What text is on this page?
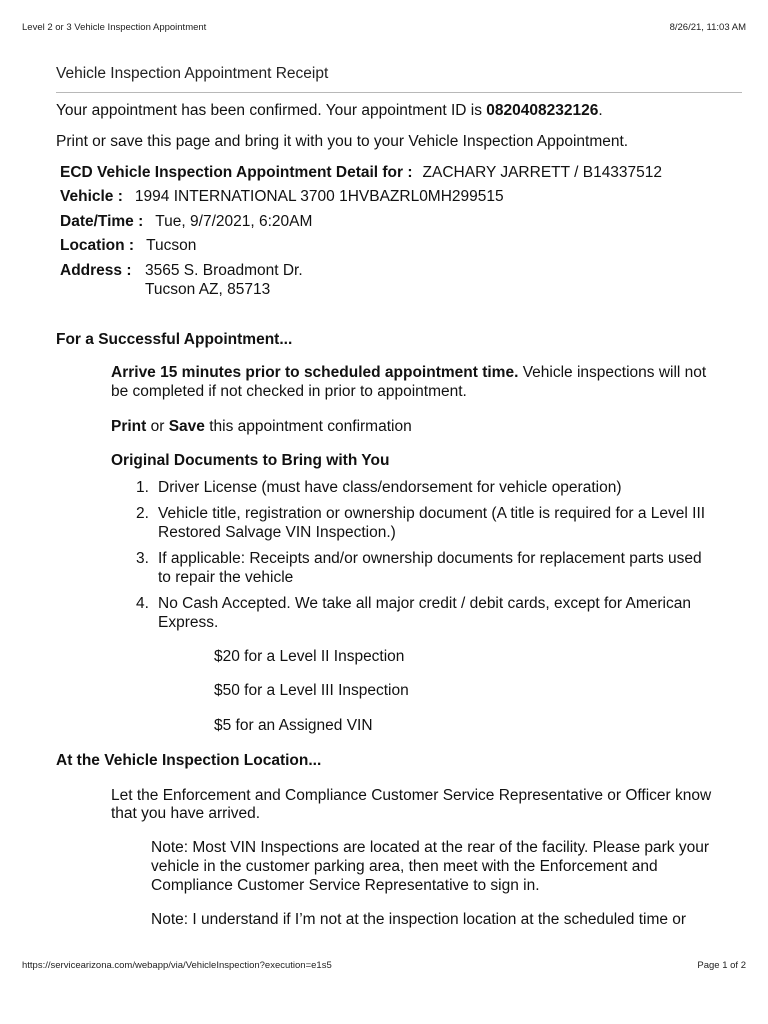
Level 2 or 3 Vehicle Inspection Appointment	8/26/21, 11:03 AM
https://servicearizona.com/webapp/via/VehicleInspection?execution=e1s5	Page 1 of 2
Vehicle Inspection Appointment Receipt
Your appointment has been confirmed. Your appointment ID is 0820408232126.
Print or save this page and bring it with you to your Vehicle Inspection Appointment.
ECD Vehicle Inspection Appointment Detail for : ZACHARY JARRETT / B14337512
Vehicle : 1994 INTERNATIONAL 3700 1HVBAZRL0MH299515
Date/Time : Tue, 9/7/2021, 6:20AM
Location : Tucson
Address : 3565 S. Broadmont Dr.
Tucson AZ, 85713
For a Successful Appointment...
Arrive 15 minutes prior to scheduled appointment time. Vehicle inspections will not
be completed if not checked in prior to appointment.
Print or Save this appointment confirmation
Original Documents to Bring with You
1. Driver License (must have class/endorsement for vehicle operation)
2. Vehicle title, registration or ownership document (A title is required for a Level III
Restored Salvage VIN Inspection.)
3. If applicable: Receipts and/or ownership documents for replacement parts used
to repair the vehicle
4. No Cash Accepted. We take all major credit / debit cards, except for American
Express.
$20 for a Level II Inspection
$50 for a Level III Inspection
$5 for an Assigned VIN
At the Vehicle Inspection Location...
Let the Enforcement and Compliance Customer Service Representative or Officer know
that you have arrived.
Note: Most VIN Inspections are located at the rear of the facility. Please park your
vehicle in the customer parking area, then meet with the Enforcement and
Compliance Customer Service Representative to sign in.
Note: I understand if I’m not at the inspection location at the scheduled time or
